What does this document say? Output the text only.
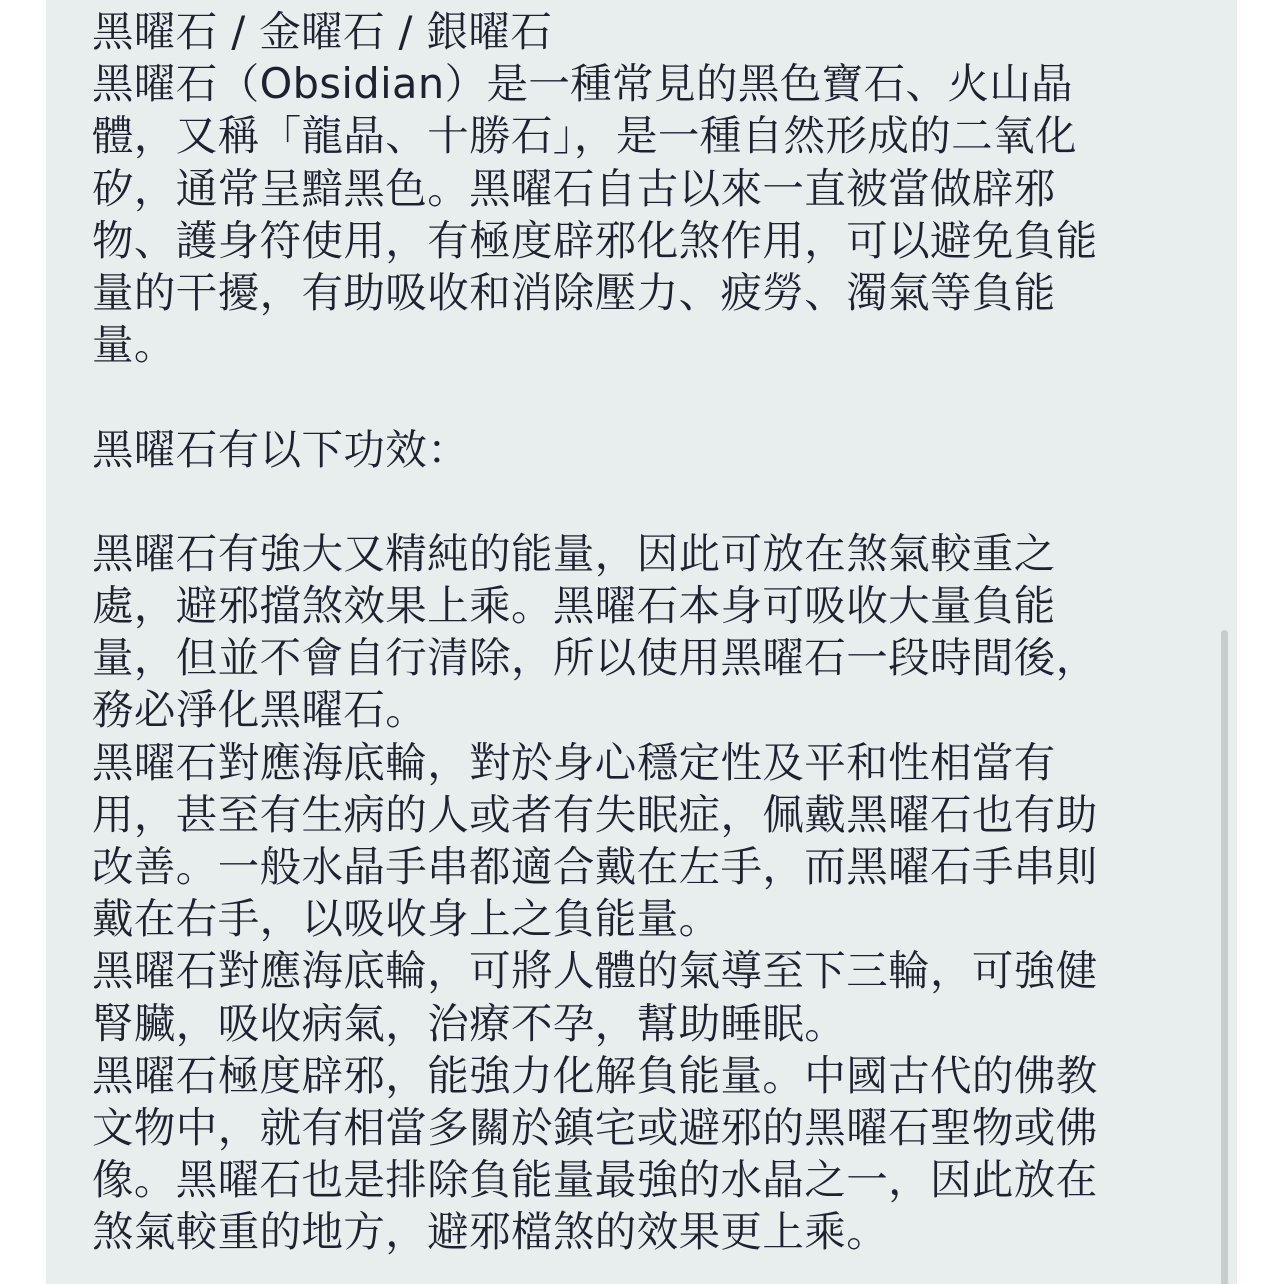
黑曜石 / 金曜石 / 銀曜石
黑曜石（Obsidian）是一種常見的黑色寶石、火山晶
體，又稱「龍晶、十勝石」，是一種自然形成的二氧化
矽，通常呈黯黑色。黑曜石自古以來一直被當做辟邪
物、護身符使用，有極度辟邪化煞作用，可以避免負能
量的干擾，有助吸收和消除壓力、疲勞、濁氣等負能
量。
黑曜石有以下功效：
黑曜石有強大又精純的能量，因此可放在煞氣較重之
處，避邪擋煞效果上乘。黑曜石本身可吸收大量負能
量，但並不會自行清除，所以使用黑曜石一段時間後，
務必淨化黑曜石。
黑曜石對應海底輪，對於身心穩定性及平和性相當有
用，甚至有生病的人或者有失眠症，佩戴黑曜石也有助
改善。一般水晶手串都適合戴在左手，而黑曜石手串則
戴在右手，以吸收身上之負能量。
黑曜石對應海底輪，可將人體的氣導至下三輪，可強健
腎臟，吸收病氣，治療不孕，幫助睡眠。
黑曜石極度辟邪，能強力化解負能量。中國古代的佛教
文物中，就有相當多關於鎮宅或避邪的黑曜石聖物或佛
像。黑曜石也是排除負能量最強的水晶之一，因此放在
煞氣較重的地方，避邪檔煞的效果更上乘。
